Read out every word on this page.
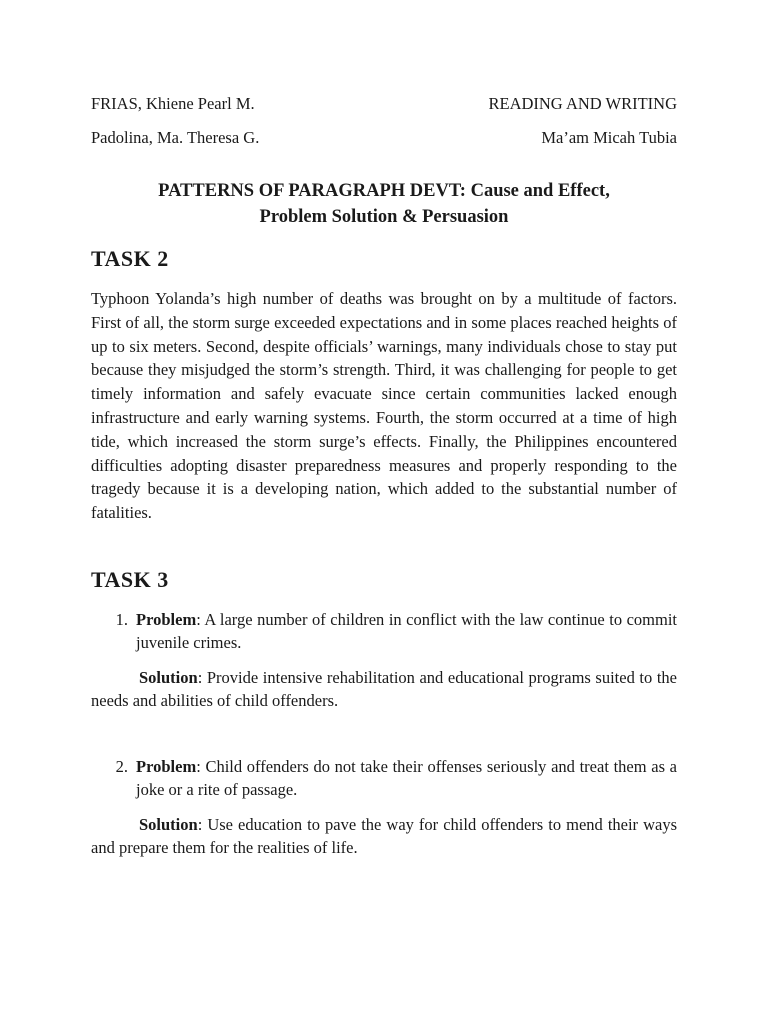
FRIAS, Khiene Pearl M.	READING AND WRITING
Padolina, Ma. Theresa G.	Ma’am Micah Tubia
PATTERNS OF PARAGRAPH DEVT: Cause and Effect,
Problem Solution & Persuasion
TASK 2
Typhoon Yolanda’s high number of deaths was brought on by a multitude of factors. First of all, the storm surge exceeded expectations and in some places reached heights of up to six meters. Second, despite officials’ warnings, many individuals chose to stay put because they misjudged the storm’s strength. Third, it was challenging for people to get timely information and safely evacuate since certain communities lacked enough infrastructure and early warning systems. Fourth, the storm occurred at a time of high tide, which increased the storm surge’s effects. Finally, the Philippines encountered difficulties adopting disaster preparedness measures and properly responding to the tragedy because it is a developing nation, which added to the substantial number of fatalities.
TASK 3
1. Problem: A large number of children in conflict with the law continue to commit juvenile crimes.
Solution: Provide intensive rehabilitation and educational programs suited to the needs and abilities of child offenders.
2. Problem: Child offenders do not take their offenses seriously and treat them as a joke or a rite of passage.
Solution: Use education to pave the way for child offenders to mend their ways and prepare them for the realities of life.
